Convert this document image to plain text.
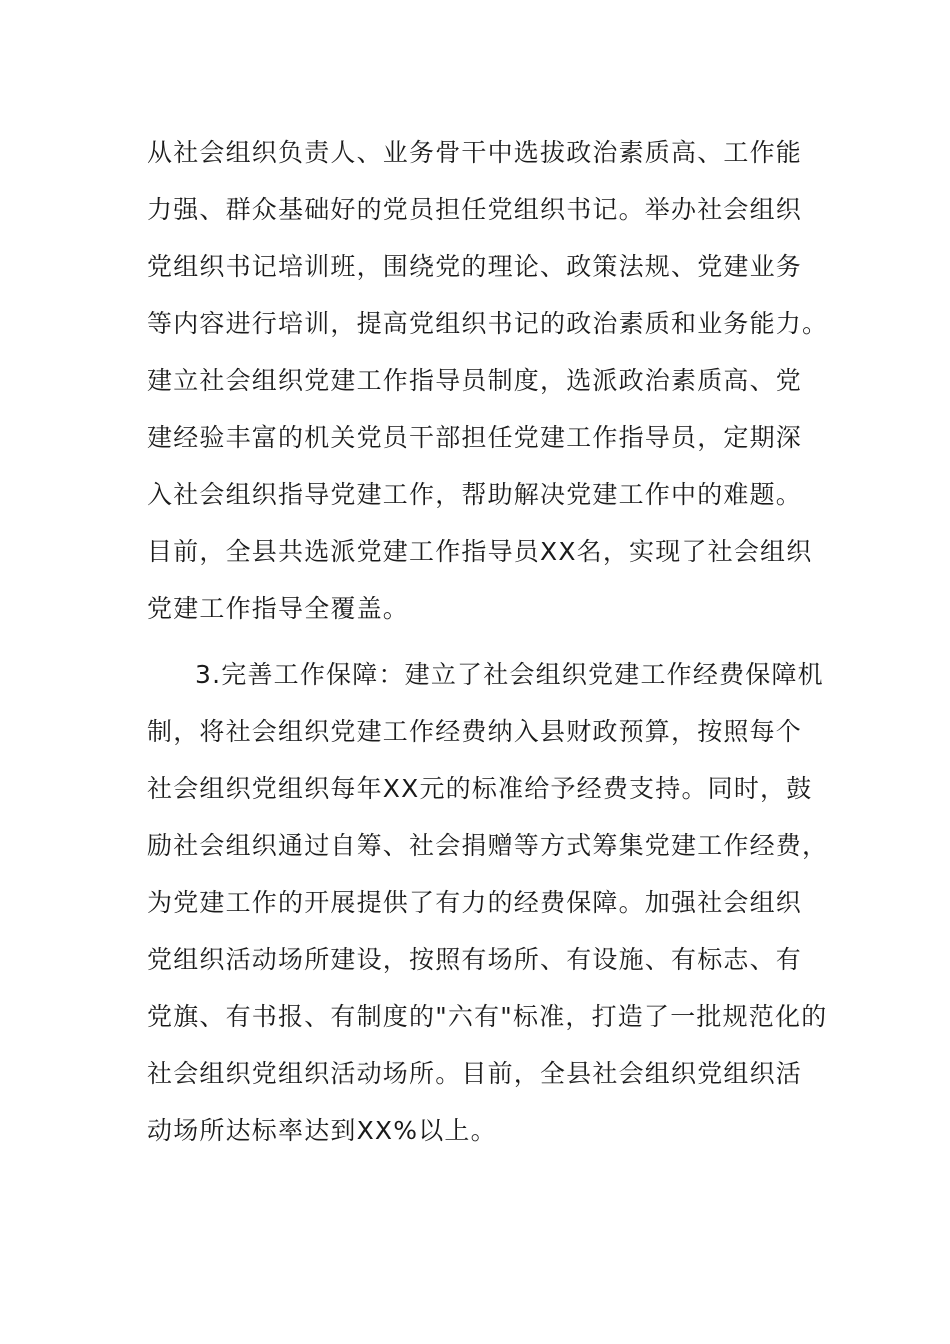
从社会组织负责人、业务骨干中选拔政治素质高、工作能
力强、群众基础好的党员担任党组织书记。举办社会组织
党组织书记培训班，围绕党的理论、政策法规、党建业务
等内容进行培训，提高党组织书记的政治素质和业务能力。
建立社会组织党建工作指导员制度，选派政治素质高、党
建经验丰富的机关党员干部担任党建工作指导员，定期深
入社会组织指导党建工作，帮助解决党建工作中的难题。
目前，全县共选派党建工作指导员XX名，实现了社会组织
党建工作指导全覆盖。
3.完善工作保障：建立了社会组织党建工作经费保障机
制，将社会组织党建工作经费纳入县财政预算，按照每个
社会组织党组织每年XX元的标准给予经费支持。同时，鼓
励社会组织通过自筹、社会捐赠等方式筹集党建工作经费，
为党建工作的开展提供了有力的经费保障。加强社会组织
党组织活动场所建设，按照有场所、有设施、有标志、有
党旗、有书报、有制度的"六有"标准，打造了一批规范化的
社会组织党组织活动场所。目前，全县社会组织党组织活
动场所达标率达到XX%以上。
